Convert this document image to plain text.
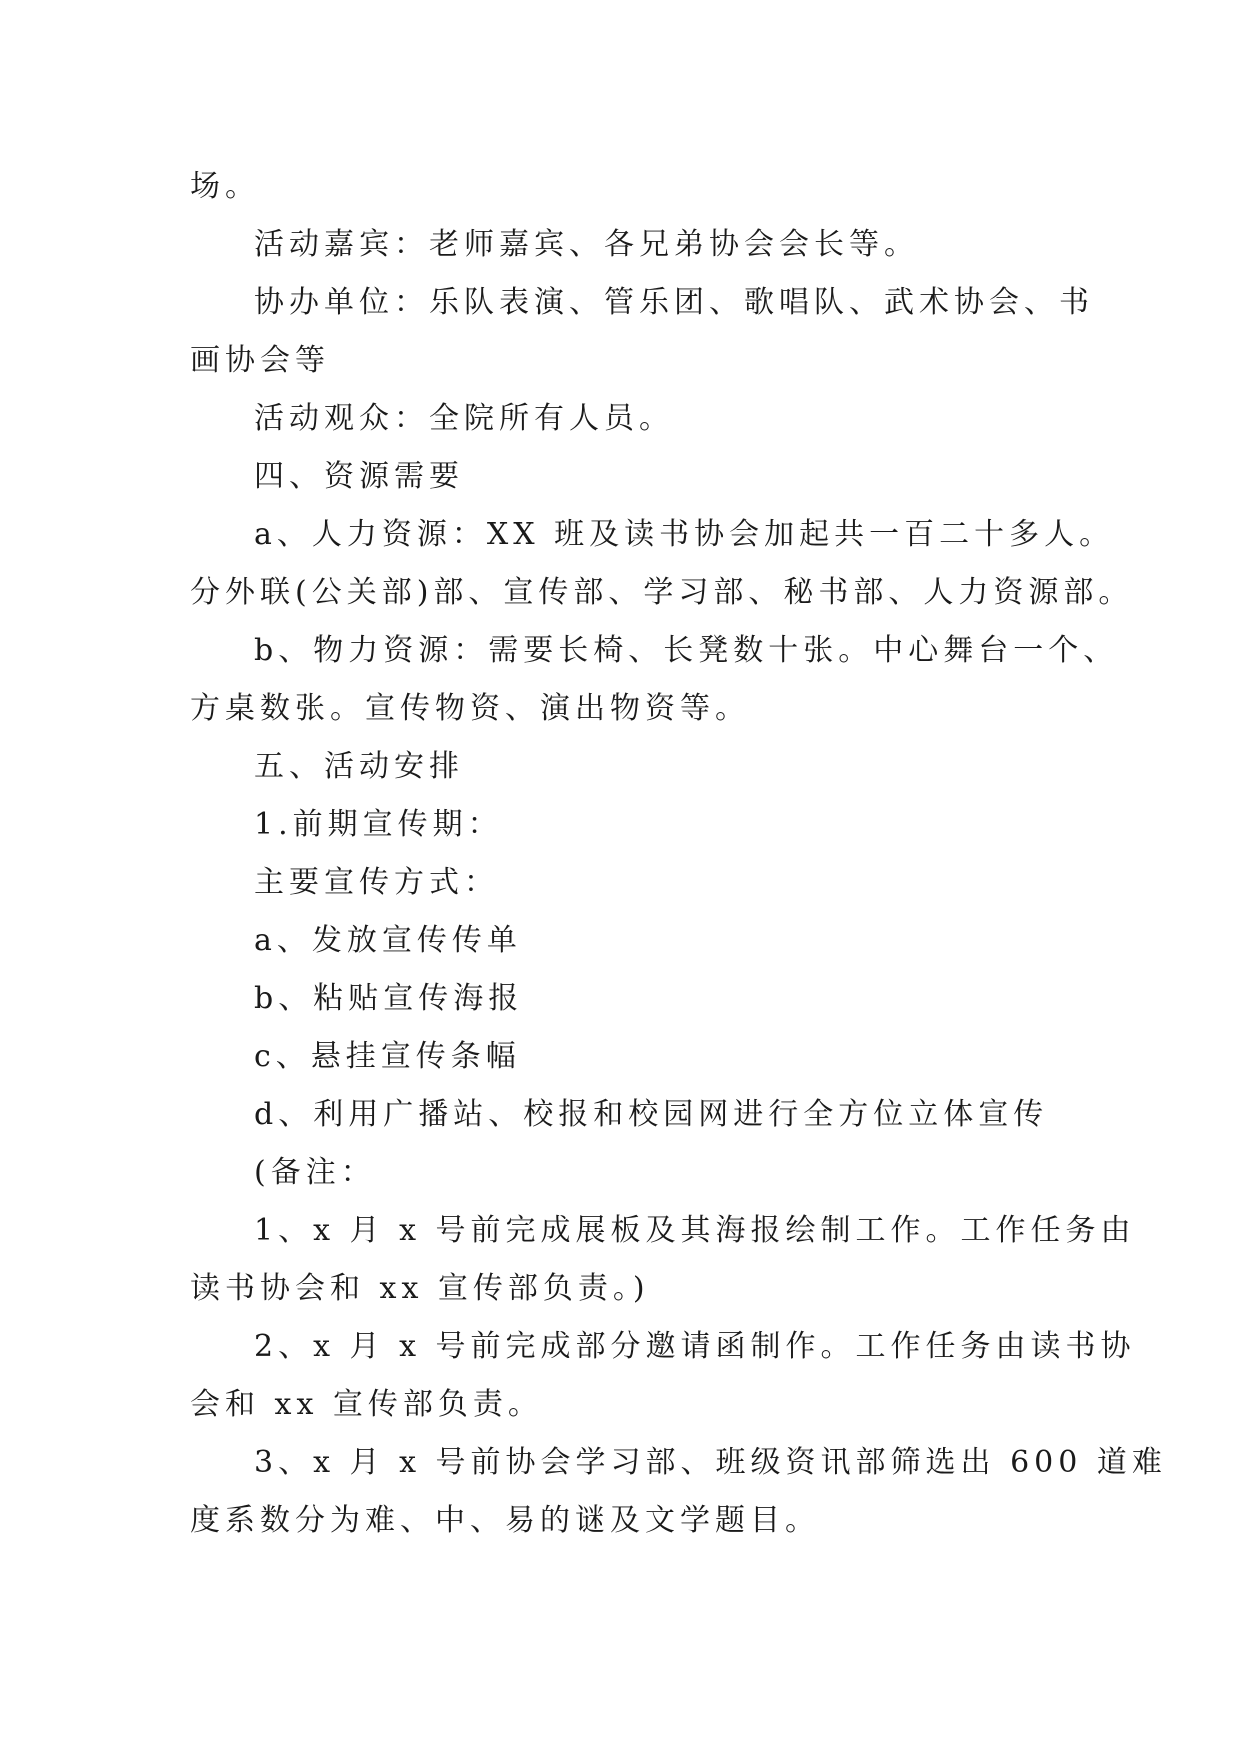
场。
活动嘉宾：老师嘉宾、各兄弟协会会长等。
协办单位：乐队表演、管乐团、歌唱队、武术协会、书
画协会等
活动观众：全院所有人员。
四、资源需要
a、人力资源：XX 班及读书协会加起共一百二十多人。
分外联(公关部)部、宣传部、学习部、秘书部、人力资源部。
b、物力资源：需要长椅、长凳数十张。中心舞台一个、
方桌数张。宣传物资、演出物资等。
五、活动安排
1.前期宣传期：
主要宣传方式：
a、发放宣传传单
b、粘贴宣传海报
c、悬挂宣传条幅
d、利用广播站、校报和校园网进行全方位立体宣传
(备注：
1、x 月 x 号前完成展板及其海报绘制工作。工作任务由
读书协会和 xx 宣传部负责。)
2、x 月 x 号前完成部分邀请函制作。工作任务由读书协
会和 xx 宣传部负责。
3、x 月 x 号前协会学习部、班级资讯部筛选出 600 道难
度系数分为难、中、易的谜及文学题目。
